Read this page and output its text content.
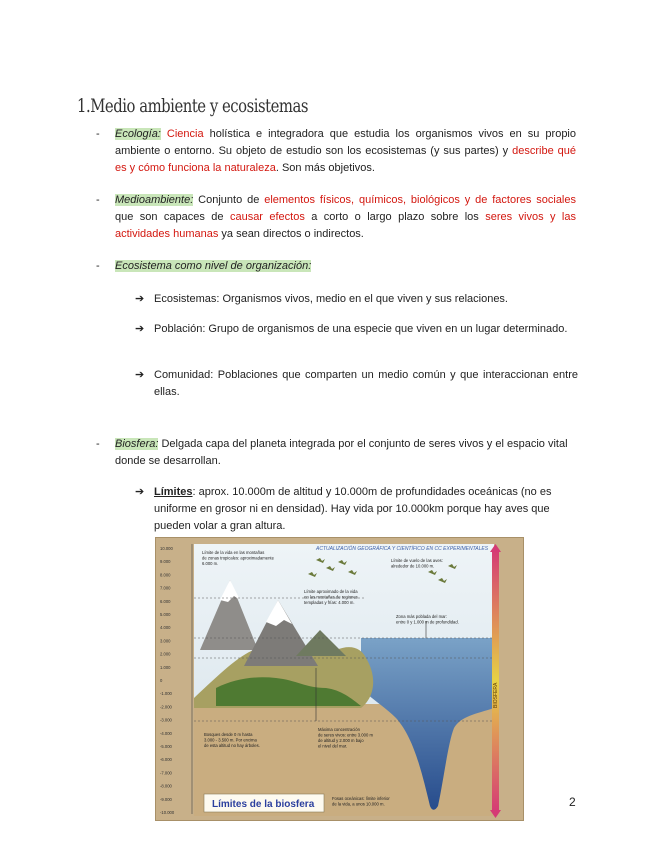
1.Medio ambiente y ecosistemas
- Ecología: Ciencia holística e integradora que estudia los organismos vivos en su propio ambiente o entorno. Su objeto de estudio son los ecosistemas (y sus partes) y describe qué es y cómo funciona la naturaleza. Son más objetivos.
- Medioambiente: Conjunto de elementos físicos, químicos, biológicos y de factores sociales que son capaces de causar efectos a corto o largo plazo sobre los seres vivos y las actividades humanas ya sean directos o indirectos.
- Ecosistema como nivel de organización:
➔ Ecosistemas: Organismos vivos, medio en el que viven y sus relaciones.
➔ Población: Grupo de organismos de una especie que viven en un lugar determinado.
➔ Comunidad: Poblaciones que comparten un medio común y que interaccionan entre ellas.
- Biosfera: Delgada capa del planeta integrada por el conjunto de seres vivos y el espacio vital donde se desarrollan.
➔ Límites: aprox. 10.000m de altitud y 10.000m de profundidades oceánicas (no es uniforme en grosor ni en densidad). Hay vida por 10.000km porque hay aves que pueden volar a gran altura.
10.000
9.000
8.000
7.000
6.000
5.000
4.000
3.000
2.000
1.000
0
-1.000
-2.000
-3.000
-4.000
-5.000
-6.000
-7.000
-8.000
-9.000
-10.000
BIOSFERA
ACTUALIZACIÓN GEOGRÁFICA Y CIENTÍFICO EN CC EXPERIMENTALES
Límite de la vida en las montañas de zonas tropicales: aproximadamente 6.000 m.
Límite de vuelo de las aves: alrededor de 10.000 m.
Límite aproximado de la vida en las montañas de regiones templadas y frías: 4.000 m.
Zona más poblada del mar: entre 0 y 1.000 m de profundidad.
Bosques desde 0 m hasta 3.000 - 3.500 m. Por encima de esta altitud no hay árboles.
Máxima concentración de seres vivos: entre 3.000 m de altitud y 2.000 m bajo el nivel del mar.
Fosas oceánicas: límite inferior de la vida, a unos 10.000 m.
Límites de la biosfera	2
